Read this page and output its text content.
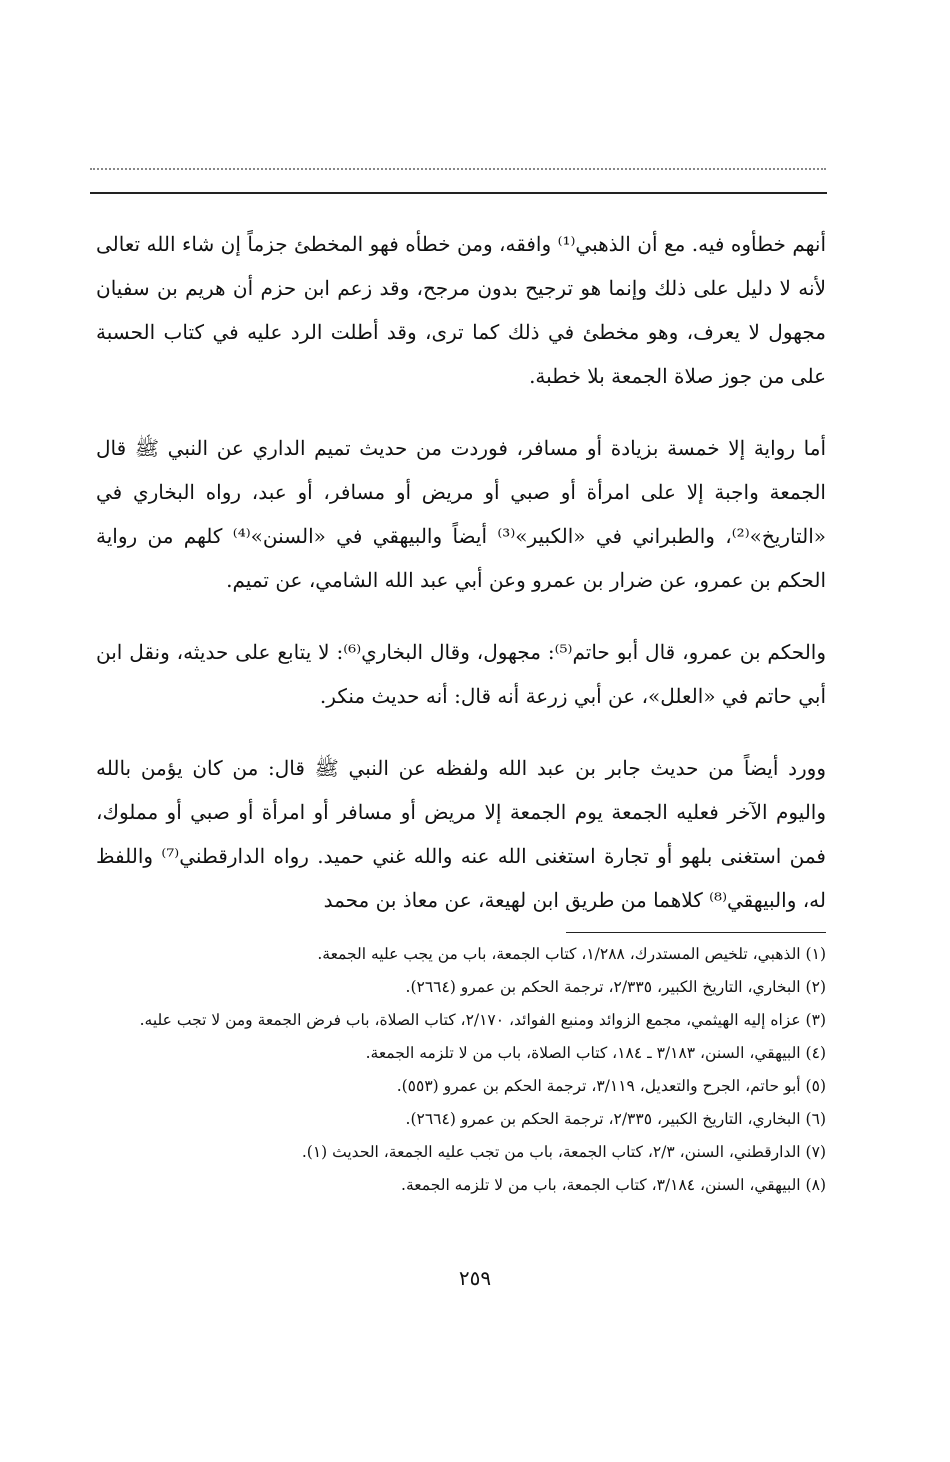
أنهم خطأوه فيه. مع أن الذهبي⁽¹⁾ وافقه، ومن خطأه فهو المخطئ جزماً إن شاء الله تعالى لأنه لا دليل على ذلك وإنما هو ترجيح بدون مرجح، وقد زعم ابن حزم أن هريم بن سفيان مجهول لا يعرف، وهو مخطئ في ذلك كما ترى، وقد أطلت الرد عليه في كتاب الحسبة على من جوز صلاة الجمعة بلا خطبة.

أما رواية إلا خمسة بزيادة أو مسافر، فوردت من حديث تميم الداري عن النبي ﷺ قال الجمعة واجبة إلا على امرأة أو صبي أو مريض أو مسافر، أو عبد، رواه البخاري في «التاريخ»⁽²⁾، والطبراني في «الكبير»⁽³⁾ أيضاً والبيهقي في «السنن»⁽⁴⁾ كلهم من رواية الحكم بن عمرو، عن ضرار بن عمرو وعن أبي عبد الله الشامي، عن تميم.

والحكم بن عمرو، قال أبو حاتم⁽⁵⁾: مجهول، وقال البخاري⁽⁶⁾: لا يتابع على حديثه، ونقل ابن أبي حاتم في «العلل»، عن أبي زرعة أنه قال: أنه حديث منكر.

وورد أيضاً من حديث جابر بن عبد الله ولفظه عن النبي ﷺ قال: من كان يؤمن بالله واليوم الآخر فعليه الجمعة يوم الجمعة إلا مريض أو مسافر أو امرأة أو صبي أو مملوك، فمن استغنى بلهو أو تجارة استغنى الله عنه والله غني حميد. رواه الدارقطني⁽⁷⁾ واللفظ له، والبيهقي⁽⁸⁾ كلاهما من طريق ابن لهيعة، عن معاذ بن محمد

(١) الذهبي، تلخيص المستدرك، ١/٢٨٨، كتاب الجمعة، باب من يجب عليه الجمعة.

(٢) البخاري، التاريخ الكبير، ٢/٣٣٥، ترجمة الحكم بن عمرو (٢٦٦٤).

(٣) عزاه إليه الهيثمي، مجمع الزوائد ومنبع الفوائد، ٢/١٧٠، كتاب الصلاة، باب فرض الجمعة ومن لا تجب عليه.

(٤) البيهقي، السنن، ٣/١٨٣ ـ ١٨٤، كتاب الصلاة، باب من لا تلزمه الجمعة.

(٥) أبو حاتم، الجرح والتعديل، ٣/١١٩، ترجمة الحكم بن عمرو (٥٥٣).

(٦) البخاري، التاريخ الكبير، ٢/٣٣٥، ترجمة الحكم بن عمرو (٢٦٦٤).

(٧) الدارقطني، السنن، ٢/٣، كتاب الجمعة، باب من تجب عليه الجمعة، الحديث (١).

(٨) البيهقي، السنن، ٣/١٨٤، كتاب الجمعة، باب من لا تلزمه الجمعة.

٢٥٩
